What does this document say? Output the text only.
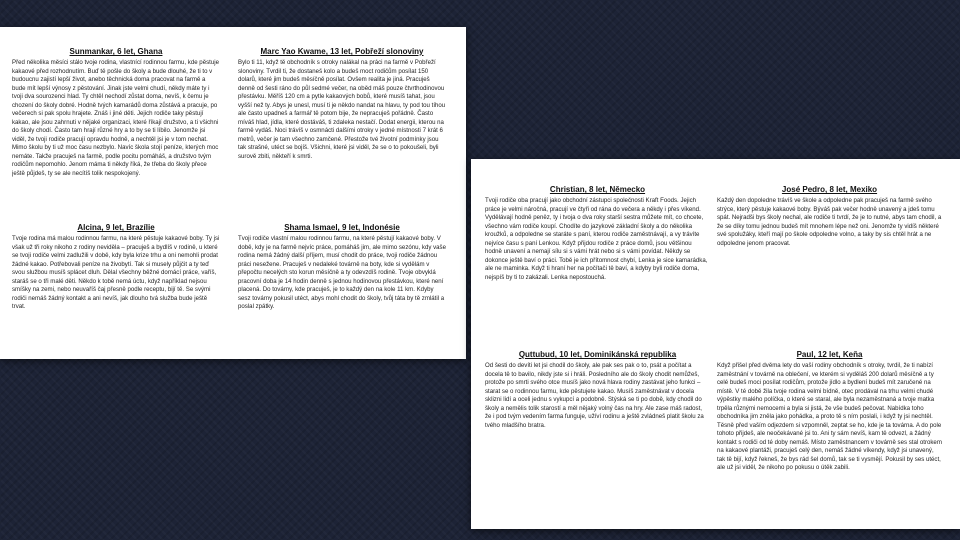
Sunmankar, 6 let, Ghana

Před několika měsíci stálo tvoje rodina, vlastnící rodinnou farmu, kde pěstuje kakaové před rozhodnutím. Buď tě pošle do školy a bude dlouhé, že ti to v budoucnu zajistí lepší život, anebo těchnická doma pracovat na farmě a bude mít lepší výnosy z pěstování. Jinak jste velmi chudí, někdy máte ty i tvoji dva sourozenci hlad. Ty chtěl nechodí zůstat doma, nevíš, k čemu je chození do školy dobré. Hodně tvých kamarádů doma zůstává a pracuje, po večerech si pak spolu hrajete. Znáš i jiné děti. Jejich rodiče taky pěstují kakao, ale jsou zahrnuti v nějaké organizaci, které říkají družstvo, a ti všichni do školy chodí. Často tam hrají různé hry a to by se ti líbilo. Jenomže jsi viděl, že tvoji rodiče pracují opravdu hodně, a nechtěl jsi je v tom nechat. Mimo školu by ti už moc času nezbylo. Navíc škola stojí peníze, kterých moc nemáte. Takže pracuješ na farmě, podle pocitu pomáháš, a družstvo tvým rodičům nepomohlo. Jenom máma ti někdy říká, že třeba do školy přece ještě půjdeš, ty se ale necítíš tolik nespokojený.

Marc Yao Kwame, 13 let, Pobřeží slonoviny

Bylo ti 11, když tě obchodník s otroky nalákal na práci na farmě v Pobřeží slonoviny. Tvrdil ti, že dostaneš kolo a budeš moct rodičům posílat 150 dolarů, které jim budeš měsíčně posílat. Ovšem realita je jiná. Pracuješ denně od šesti ráno do půl sedmé večer, na oběd máš pouze čtvrthodinovou přestávku. Měříš 120 cm a pytle kakaových bobů, které musíš tahat, jsou vyšší než ty. Abys je unesl, musí ti je někdo nandat na hlavu, ty pod tou tíhou ale často upadneš a farmář tě potom bije, že nepracuješ pořádně. Často míváš hlad, jídla, které dostáváš, ti zdaleka nestačí. Dodat energii, kterou na farmě vydáš. Noci trávíš v osmnácti dalšími otroky v jedné místnosti 7 krát 6 metrů, večer je tam všechno zamčené. Přestože tvé životní podmínky jsou tak strašné, utéct se bojíš. Všichni, které jsi viděl, že se o to pokoušeli, byli surově zbiti, někteří k smrti.

Alcina, 9 let, Brazílie

Tvoje rodina má malou rodinnou farmu, na které pěstuje kakaové boby. Ty jsi však už tři roky nikoho z rodiny neviděla – pracuješ a bydlíš v rodině, u které se tvoji rodiče velmi zadlužili v době, kdy byla krize trhu a oni nemohli prodat žádné kakao. Potřebovali peníze na živobytí. Tak si musely půjčit a ty teď svou službou musíš splácet dluh. Dělal všechny běžné domácí práce, vaříš, staráš se o tři malé děti. Někdo k tobě nemá úctu, když například nejsou smíšky na zemi, nebo neuvaříš čaj přesně podle receptu, bijí tě. Se svými rodiči nemáš žádný kontakt a ani nevíš, jak dlouho tvá služba bude ještě trvat.

Shama Ismael, 9 let, Indonésie

Tvoji rodiče vlastní malou rodinnou farmu, na které pěstují kakaové boby. V době, kdy je na farmě nejvíc práce, pomáháš jim, ale mimo sezónu, kdy vaše rodina nemá žádný další příjem, musí chodit do práce, tvoji rodiče žádnou práci nesežene. Pracuješ v nedaleké továrně na boty, kde si vydělám v přepočtu necelých sto korun měsíčně a ty odevzdíš rodině. Tvoje obvyklá pracovní doba je 14 hodin denně s jednou hodinovou přestávkou, které není placená. Do továrny, kde pracuješ, je to každý den na kole 11 km. Kdyby sesz továrny pokusil utéct, abys mohl chodit do školy, tvůj táta by tě zmlátil a poslal zpátky.

Christian, 8 let, Německo

Tvoji rodiče oba pracují jako obchodní zástupci společnosti Kraft Foods. Jejich práce je velmi náročná, pracují ve čtyři od rána do večera a někdy i přes víkend. Vydělávají hodně peněz, ty i tvoja o dva roky starší sestra můžete mít, co chcete, všechno vám rodiče koupí. Chodíte do jazykové základní školy a do několika kroužků, a odpoledne se staráte s paní, kterou rodiče zaměstnávají, a vy trávíte nejvíce času s paní Lenkou. Když přijdou rodiče z práce domů, jsou většinou hodně unavení a nemají sílu si s vámi hrát nebo si s vámi povídat. Někdy se dokonce ještě baví o práci. Tobě je ich přítomnost chybí, Lenka je sice kamarádka, ale ne maminka. Když ti hraní her na počítači tě baví, a kdyby byli rodiče doma, nejspíš by ti to zakázali. Lenka nepostouchá.

José Pedro, 8 let, Mexiko

Každý den dopoledne trávíš ve škole a odpoledne pak pracuješ na farmě svého strýce, který pěstuje kakaové boby. Býváš pak večer hodně unavený a jdeš tomu spát. Nejradši bys školy nechal, ale rodiče ti tvrdí, že je to nutné, abys tam chodil, a že se díky tomu jednou budeš mít mnohem lépe než oni. Jenomže ty vidíš některé své spolužáky, kteří mají po škole odpoledne volno, a taky by sis chtěl hrát a ne odpoledne jenom pracovat.

Quttubud, 10 let, Dominikánská republika

Od šesti do devíti let jsi chodil do školy, ale pak ses pak o to, psát a počítat a docela tě to bavilo, nikdy jste si i hráli. Posledního ale do školy chodit nemůžeš, protože po smrti svého otce musíš jako nová hlava rodiny zastávat jeho funkci – starat se o rodinnou farmu, kde pěstujete kakao. Musíš zaměstnávat v docela sklizni lidí a oceli jednu s vykupcí a podobně. Stýská se ti po době, kdy chodil do školy a nemělis tolik starostí a měl nějaký volný čas na hry. Ale zase máš radost, že i pod tvým vedením farma funguje, užíví rodinu a ještě zvládneš platit školu za tvého mladšího bratra.

Paul, 12 let, Keňa

Když přišel před dvěma lety do vaší rodiny obchodník s otroky, tvrdil, že ti nabízí zaměstnání v továrně na oblečení, ve kterém si vyděláš 200 dolarů měsíčně a ty celé budeš moci posílat rodičům, protože jídlo a bydlení budeš mít zaručené na místě. V té době žila tvoje rodina velmi bídně, otec prodával na trhu velmi chudé výpěstky malého políčka, o které se staral, ale byla nezaměstnaná a tvoje matka trpěla různými nemocemi a byla si jistá, že vše budeš pečovat. Nabídka toho obchodníka jim zněla jako pohádka, a proto tě s ním poslali, i když ty jsi nechtěl. Těsně před vaším odjezdem si vzpomněl, zeptat se ho, kde je ta továrna. A do pole tohoto přijdeš, ale neočekávané jsi to. Ani ty sám nevíš, kam tě odvezl, a žádný kontakt s rodiči od té doby nemáš. Místo zaměstnancem v továrně ses stal otrokem na kakaové plantáži, pracuješ celý den, nemáš žádné víkendy, když jsi unavený, tak tě bijí, když řekneš, že bys rád šel domů, tak se ti vysmějí. Pokusil by ses utéct, ale už jsi viděl, že nikoho po pokusu o útěk zabili.
